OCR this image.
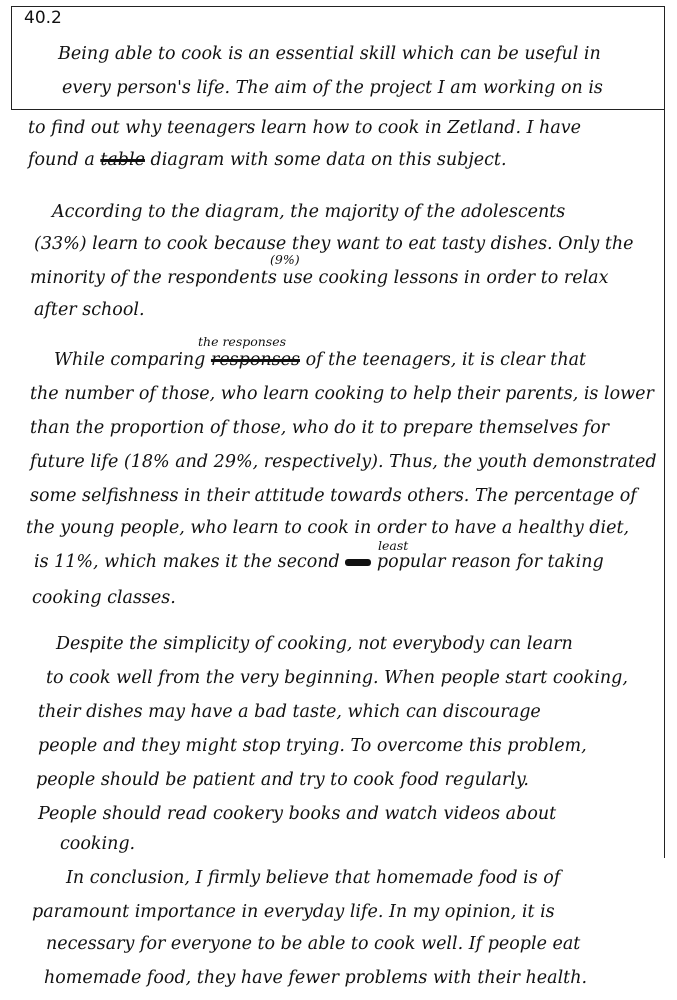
40.2
Being able to cook is an essential skill which can be useful in
every person's life. The aim of the project I am working on is
to find out why teenagers learn how to cook in Zetland. I have
found a table diagram with some data on this subject.
According to the diagram, the majority of the adolescents
(33%) learn to cook because they want to eat tasty dishes. Only the
(9%)
minority of the respondents use cooking lessons in order to relax
after school.
the responses
While comparing responses of the teenagers, it is clear that
the number of those, who learn cooking to help their parents, is lower
than the proportion of those, who do it to prepare themselves for
future life (18% and 29%, respectively). Thus, the youth demonstrated
some selfishness in their attitude towards others. The percentage of
the young people, who learn to cook in order to have a healthy diet,
least
is 11%, which makes it the second popular reason for taking
cooking classes.
Despite the simplicity of cooking, not everybody can learn
to cook well from the very beginning. When people start cooking,
their dishes may have a bad taste, which can discourage
people and they might stop trying. To overcome this problem,
people should be patient and try to cook food regularly.
People should read cookery books and watch videos about
cooking.
In conclusion, I firmly believe that homemade food is of
paramount importance in everyday life. In my opinion, it is
necessary for everyone to be able to cook well. If people eat
homemade food, they have fewer problems with their health.
